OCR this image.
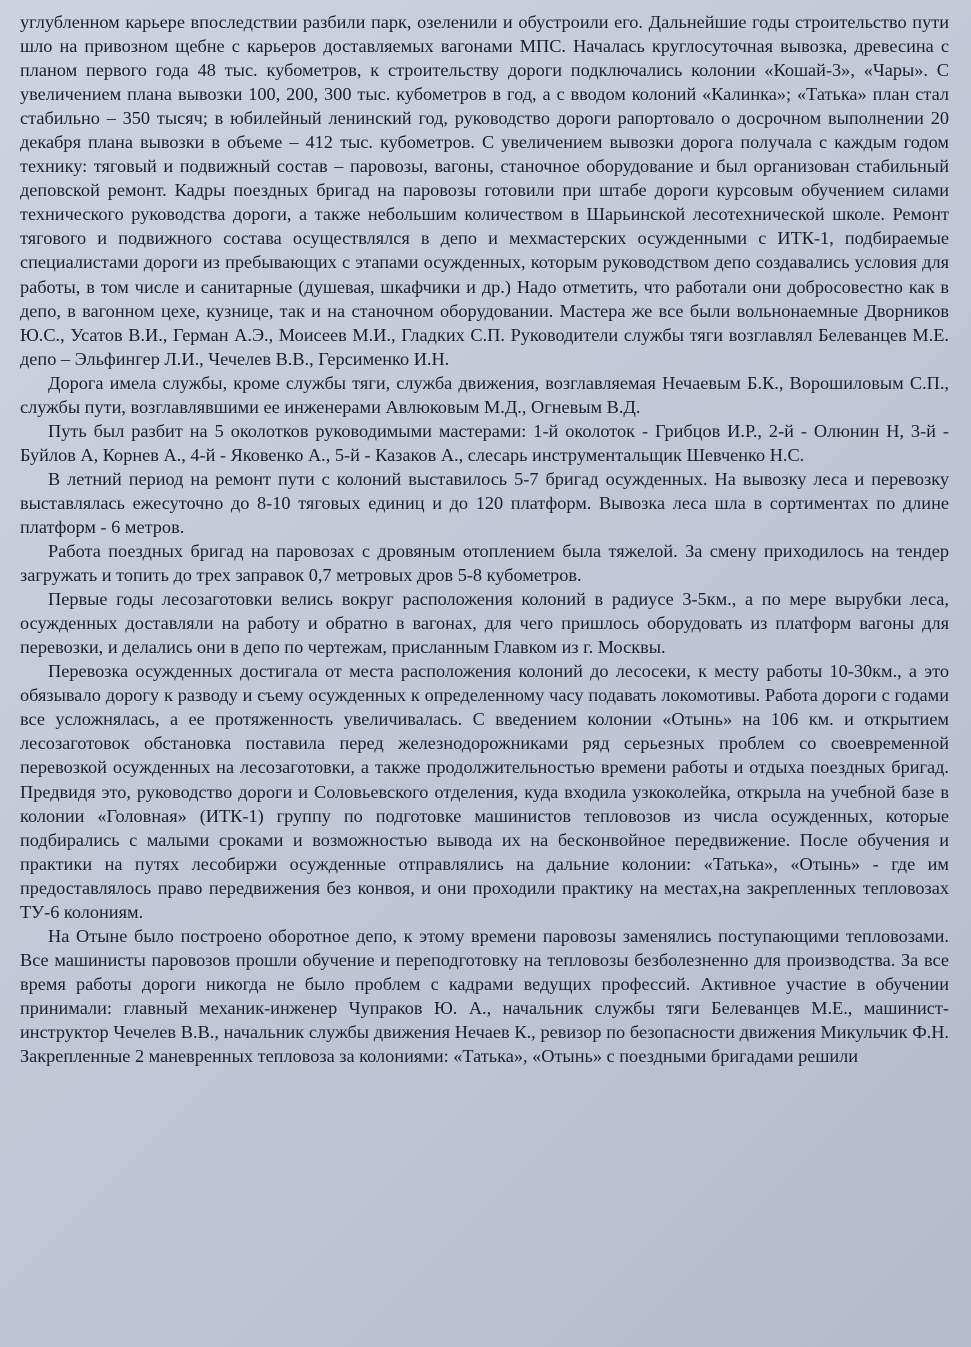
углубленном карьере впоследствии разбили парк, озеленили и обустроили его. Дальнейшие годы строительство пути шло на привозном щебне с карьеров доставляемых вагонами МПС. Началась круглосуточная вывозка, древесина с планом первого года 48 тыс. кубометров, к строительству дороги подключались колонии «Кошай-3», «Чары». С увеличением плана вывозки 100, 200, 300 тыс. кубометров в год, а с вводом колоний «Калинка»; «Татька» план стал стабильно – 350 тысяч; в юбилейный ленинский год, руководство дороги рапортовало о досрочном выполнении 20 декабря плана вывозки в объеме – 412 тыс. кубометров. С увеличением вывозки дорога получала с каждым годом технику: тяговый и подвижный состав – паровозы, вагоны, станочное оборудование и был организован стабильный деповской ремонт. Кадры поездных бригад на паровозы готовили при штабе дороги курсовым обучением силами технического руководства дороги, а также небольшим количеством в Шарьинской лесотехнической школе. Ремонт тягового и подвижного состава осуществлялся в депо и мехмастерских осужденными с ИТК-1, подбираемые специалистами дороги из пребывающих с этапами осужденных, которым руководством депо создавались условия для работы, в том числе и санитарные (душевая, шкафчики и др.) Надо отметить, что работали они добросовестно как в депо, в вагонном цехе, кузнице, так и на станочном оборудовании. Мастера же все были вольнонаемные Дворников Ю.С., Усатов В.И., Герман А.Э., Моисеев М.И., Гладких С.П. Руководители службы тяги возглавлял Белеванцев М.Е. депо – Эльфингер Л.И., Чечелев В.В., Герсименко И.Н.

Дорога имела службы, кроме службы тяги, служба движения, возглавляемая Нечаевым Б.К., Ворошиловым С.П., службы пути, возглавлявшими ее инженерами Авлюковым М.Д., Огневым В.Д.

Путь был разбит на 5 околотков руководимыми мастерами: 1-й околоток - Грибцов И.Р., 2-й - Олюнин Н, 3-й - Буйлов А, Корнев А., 4-й - Яковенко А., 5-й - Казаков А., слесарь инструментальщик Шевченко Н.С.

В летний период на ремонт пути с колоний выставилось 5-7 бригад осужденных. На вывозку леса и перевозку выставлялась ежесуточно до 8-10 тяговых единиц и до 120 платформ. Вывозка леса шла в сортиментах по длине платформ - 6 метров.

Работа поездных бригад на паровозах с дровяным отоплением была тяжелой. За смену приходилось на тендер загружать и топить до трех заправок 0,7 метровых дров 5-8 кубометров.

Первые годы лесозаготовки велись вокруг расположения колоний в радиусе 3-5км., а по мере вырубки леса, осужденных доставляли на работу и обратно в вагонах, для чего пришлось оборудовать из платформ вагоны для перевозки, и делались они в депо по чертежам, присланным Главком из г. Москвы.

Перевозка осужденных достигала от места расположения колоний до лесосеки, к месту работы 10-30км., а это обязывало дорогу к разводу и съему осужденных к определенному часу подавать локомотивы. Работа дороги с годами все усложнялась, а ее протяженность увеличивалась. С введением колонии «Отынь» на 106 км. и открытием лесозаготовок обстановка поставила перед железнодорожниками ряд серьезных проблем со своевременной перевозкой осужденных на лесозаготовки, а также продолжительностью времени работы и отдыха поездных бригад. Предвидя это, руководство дороги и Соловьевского отделения, куда входила узкоколейка, открыла на учебной базе в колонии «Головная» (ИТК-1) группу по подготовке машинистов тепловозов из числа осужденных, которые подбирались с малыми сроками и возможностью вывода их на бесконвойное передвижение. После обучения и практики на путях лесобиржи осужденные отправлялись на дальние колонии: «Татька», «Отынь» - где им предоставлялось право передвижения без конвоя, и они проходили практику на местах,на закрепленных тепловозах ТУ-6 колониям.

На Отыне было построено оборотное депо, к этому времени паровозы заменялись поступающими тепловозами. Все машинисты паровозов прошли обучение и переподготовку на тепловозы безболезненно для производства. За все время работы дороги никогда не было проблем с кадрами ведущих профессий. Активное участие в обучении принимали: главный механик-инженер Чупраков Ю. А., начальник службы тяги Белеванцев М.Е., машинист-инструктор Чечелев В.В., начальник службы движения Нечаев К., ревизор по безопасности движения Микульчик Ф.Н. Закрепленные 2 маневренных тепловоза за колониями: «Татька», «Отынь» с поездными бригадами решили
